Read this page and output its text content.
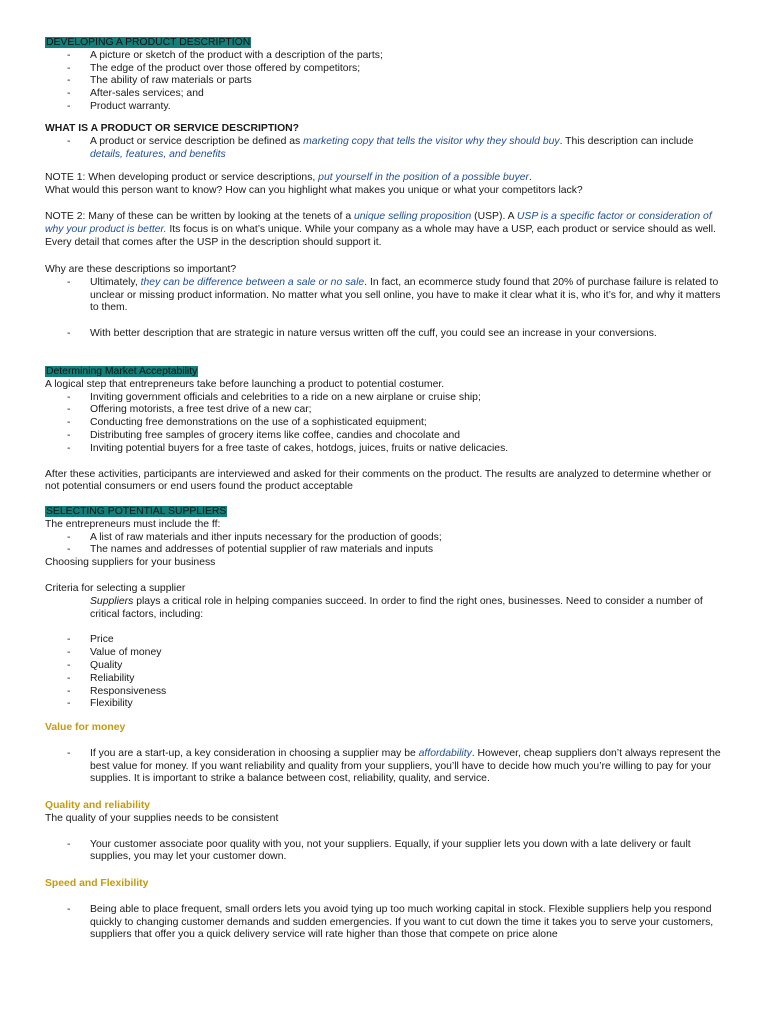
DEVELOPING A PRODUCT DESCRIPTION

- A picture or sketch of the product with a description of the parts;
- The edge of the product over those offered by competitors;
- The ability of raw materials or parts
- After-sales services; and
- Product warranty.

WHAT IS A PRODUCT OR SERVICE DESCRIPTION?

- A product or service description be defined as marketing copy that tells the visitor why they should buy. This description can include details, features, and benefits

NOTE 1: When developing product or service descriptions, put yourself in the position of a possible buyer.

What would this person want to know? How can you highlight what makes you unique or what your competitors lack?

NOTE 2: Many of these can be written by looking at the tenets of a unique selling proposition (USP). A USP is a specific factor or consideration of why your product is better. Its focus is on what’s unique. While your company as a whole may have a USP, each product or service should as well. Every detail that comes after the USP in the description should support it.

Why are these descriptions so important?

- Ultimately, they can be difference between a sale or no sale. In fact, an ecommerce study found that 20% of purchase failure is related to unclear or missing product information. No matter what you sell online, you have to make it clear what it is, who it’s for, and why it matters to them.
- With better description that are strategic in nature versus written off the cuff, you could see an increase in your conversions.

Determining Market Acceptability

A logical step that entrepreneurs take before launching a product to potential costumer.

- Inviting government officials and celebrities to a ride on a new airplane or cruise ship;
- Offering motorists, a free test drive of a new car;
- Conducting free demonstrations on the use of a sophisticated equipment;
- Distributing free samples of grocery items like coffee, candies and chocolate and
- Inviting potential buyers for a free taste of cakes, hotdogs, juices, fruits or native delicacies.

After these activities, participants are interviewed and asked for their comments on the product. The results are analyzed to determine whether or not potential consumers or end users found the product acceptable

SELECTING POTENTIAL SUPPLIERS

The entrepreneurs must include the ff:

- A list of raw materials and ither inputs necessary for the production of goods;
- The names and addresses of potential supplier of raw materials and inputs

Choosing suppliers for your business

Criteria for selecting a supplier

Suppliers plays a critical role in helping companies succeed. In order to find the right ones, businesses. Need to consider a number of critical factors, including:

- Price
- Value of money
- Quality
- Reliability
- Responsiveness
- Flexibility

Value for money

- If you are a start-up, a key consideration in choosing a supplier may be affordability. However, cheap suppliers don’t always represent the best value for money. If you want reliability and quality from your suppliers, you’ll have to decide how much you’re willing to pay for your supplies. It is important to strike a balance between cost, reliability, quality, and service.

Quality and reliability

The quality of your supplies needs to be consistent

- Your customer associate poor quality with you, not your suppliers. Equally, if your supplier lets you down with a late delivery or fault supplies, you may let your customer down.

Speed and Flexibility

- Being able to place frequent, small orders lets you avoid tying up too much working capital in stock. Flexible suppliers help you respond quickly to changing customer demands and sudden emergencies. If you want to cut down the time it takes you to serve your customers, suppliers that offer you a quick delivery service will rate higher than those that compete on price alone
